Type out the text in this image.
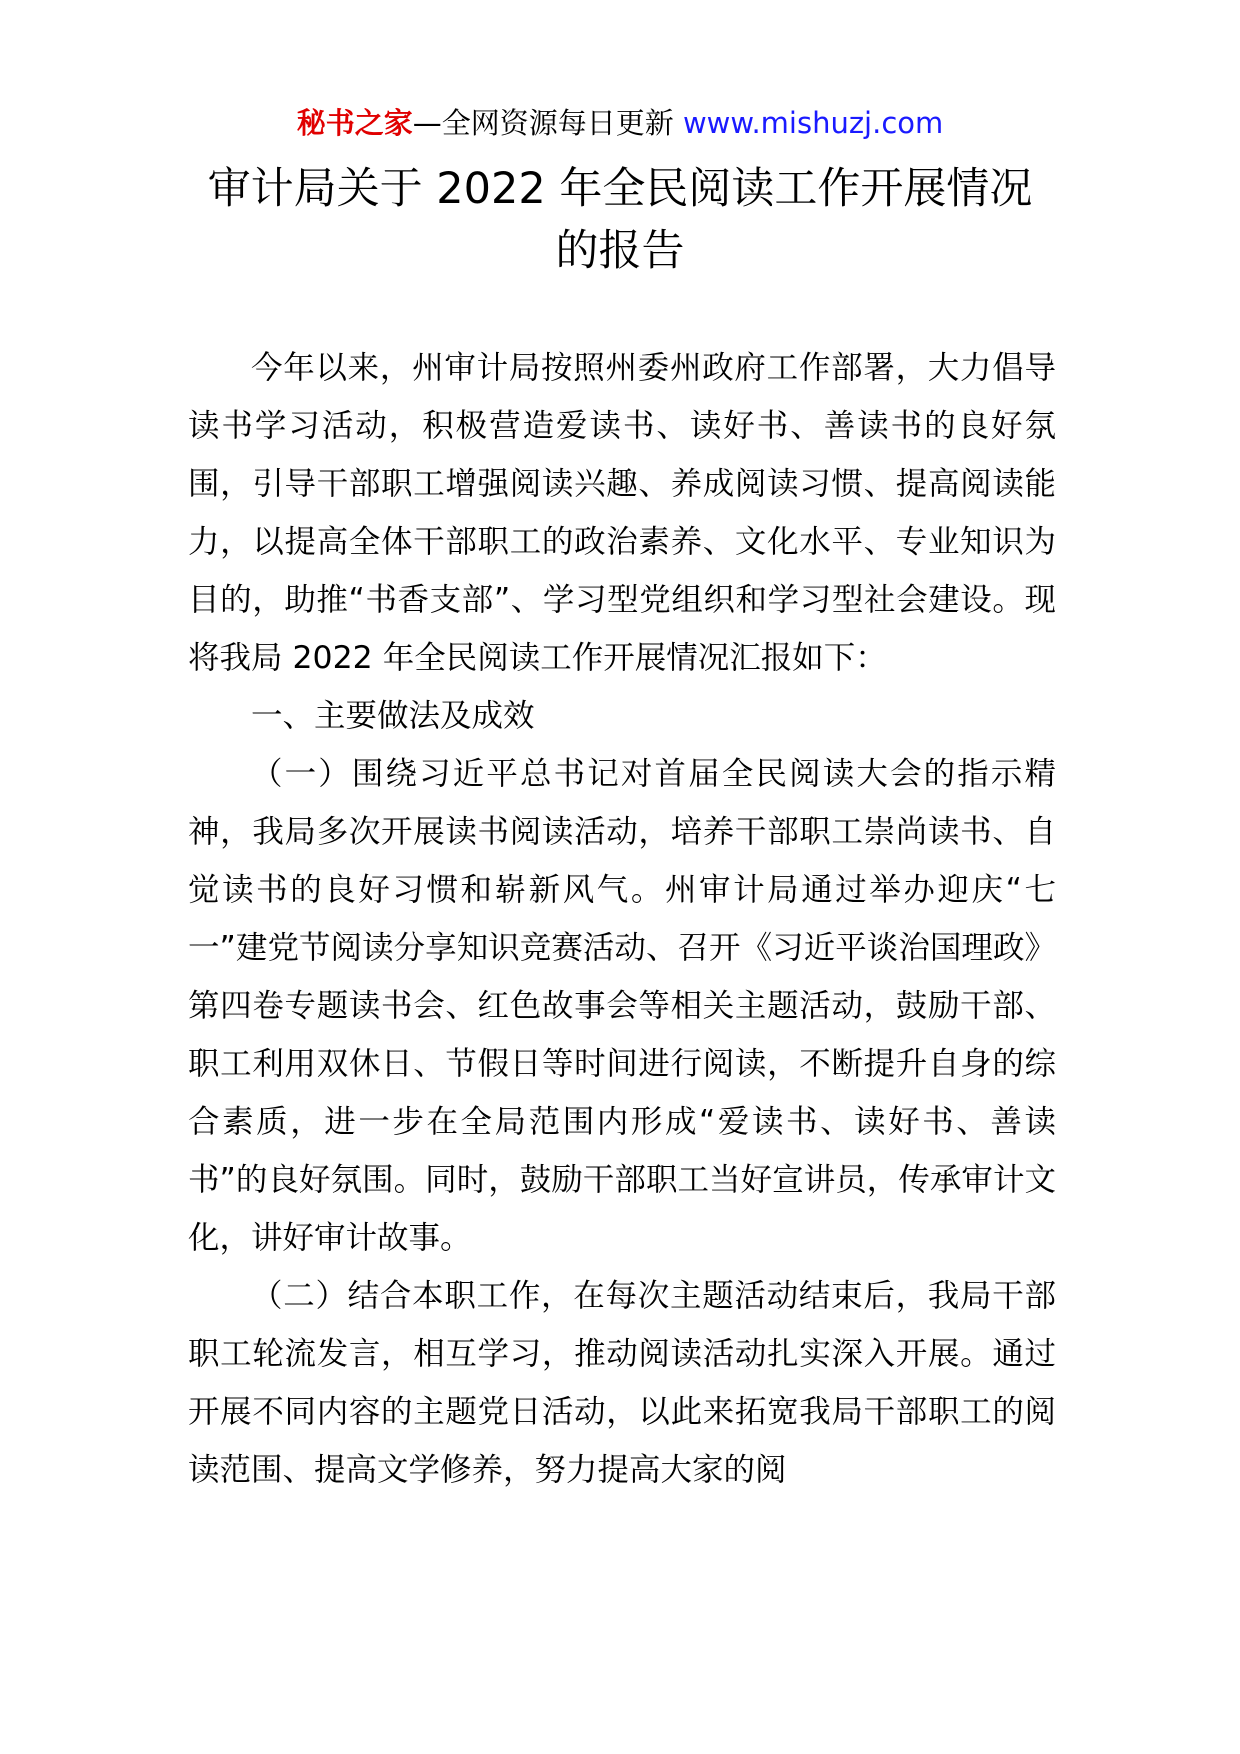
秘书之家—全网资源每日更新 www.mishuzj.com
审计局关于 2022 年全民阅读工作开展情况
的报告

今年以来，州审计局按照州委州政府工作部署，大力倡导读书学习活动，积极营造爱读书、读好书、善读书的良好氛围，引导干部职工增强阅读兴趣、养成阅读习惯、提高阅读能力，以提高全体干部职工的政治素养、文化水平、专业知识为目的，助推“书香支部”、学习型党组织和学习型社会建设。现将我局 2022 年全民阅读工作开展情况汇报如下：

一、主要做法及成效

（一）围绕习近平总书记对首届全民阅读大会的指示精神，我局多次开展读书阅读活动，培养干部职工崇尚读书、自觉读书的良好习惯和崭新风气。州审计局通过举办迎庆“七一”建党节阅读分享知识竞赛活动、召开《习近平谈治国理政》第四卷专题读书会、红色故事会等相关主题活动，鼓励干部、职工利用双休日、节假日等时间进行阅读，不断提升自身的综合素质，进一步在全局范围内形成“爱读书、读好书、善读书”的良好氛围。同时，鼓励干部职工当好宣讲员，传承审计文化，讲好审计故事。

（二）结合本职工作，在每次主题活动结束后，我局干部职工轮流发言，相互学习，推动阅读活动扎实深入开展。通过开展不同内容的主题党日活动，以此来拓宽我局干部职工的阅读范围、提高文学修养，努力提高大家的阅
